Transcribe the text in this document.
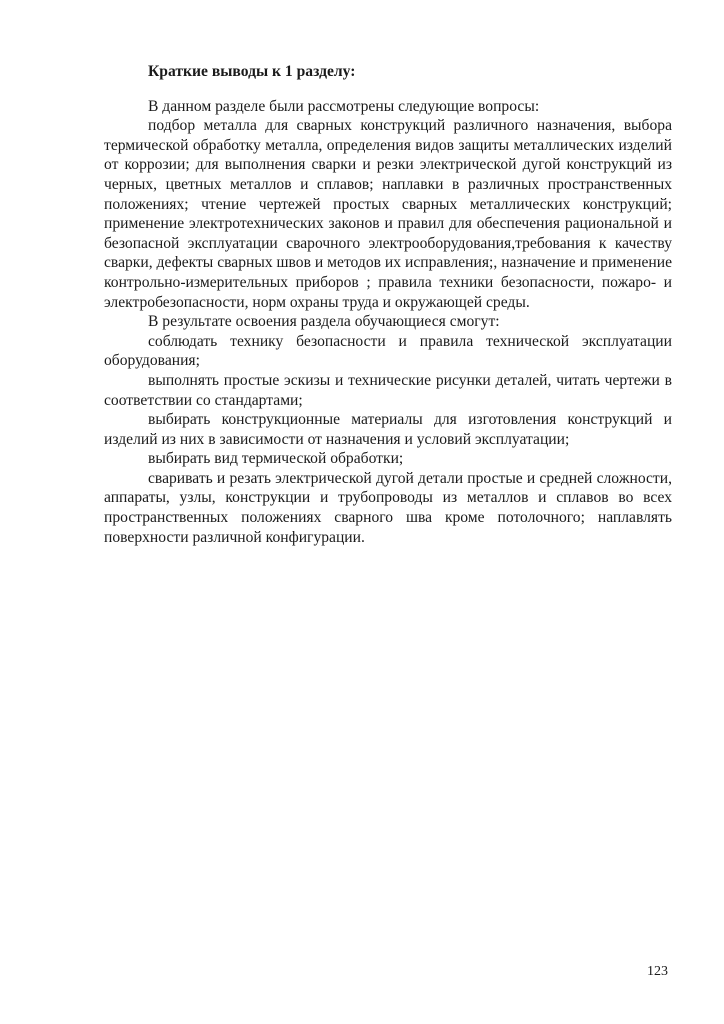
Краткие выводы к 1 разделу:

В данном разделе были рассмотрены следующие вопросы:

подбор металла для сварных конструкций различного назначения, выбора термической обработку металла, определения видов защиты металлических изделий от коррозии; для выполнения сварки и резки электрической дугой конструкций из черных, цветных металлов и сплавов; наплавки в различных пространственных положениях; чтение чертежей простых сварных металлических конструкций; применение электротехнических законов и правил для обеспечения рациональной и безопасной эксплуатации сварочного электрооборудования,требования к качеству сварки, дефекты сварных швов и методов их исправления;, назначение и применение контрольно-измерительных приборов ; правила техники безопасности, пожаро- и электробезопасности, норм охраны труда и окружающей среды.

В результате освоения раздела обучающиеся смогут:

соблюдать технику безопасности и правила технической эксплуатации оборудования;

выполнять простые эскизы и технические рисунки деталей, читать чертежи в соответствии со стандартами;

выбирать конструкционные материалы для изготовления конструкций и изделий из них в зависимости от назначения и условий эксплуатации;

выбирать вид термической обработки;

сваривать и резать электрической дугой детали простые и средней сложности, аппараты, узлы, конструкции и трубопроводы из металлов и сплавов во всех пространственных положениях сварного шва кроме потолочного; наплавлять поверхности различной конфигурации.

123
